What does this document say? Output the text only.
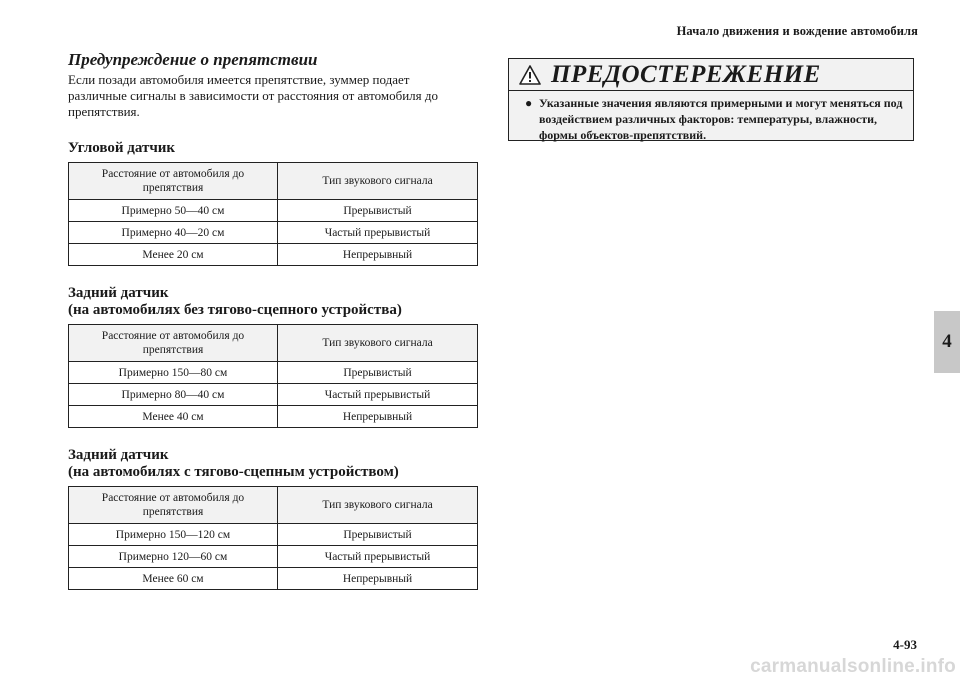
Начало движения и вождение автомобиля
4
Предупреждение о препятствии

Если позади автомобиля имеется препятствие, зуммер подает различные сигналы в зависимости от расстояния от автомобиля до препятствия.

Угловой датчик
Расстояние от автомобиля до препятствия	Тип звукового сигнала
Примерно 50—40 см	Прерывистый
Примерно 40—20 см	Частый прерывистый
Менее 20 см	Непрерывный
Задний датчик
(на автомобилях без тягово-сцепного устройства)
Расстояние от автомобиля до препятствия	Тип звукового сигнала
Примерно 150—80 см	Прерывистый
Примерно 80—40 см	Частый прерывистый
Менее 40 см	Непрерывный
Задний датчик
(на автомобилях с тягово-сцепным устройством)
Расстояние от автомобиля до препятствия	Тип звукового сигнала
Примерно 150—120 см	Прерывистый
Примерно 120—60 см	Частый прерывистый
Менее 60 см	Непрерывный
ПРЕДОСТЕРЕЖЕНИЕ
● Указанные значения являются примерными и могут меняться под воздействием различных факторов: температуры, влажности, формы объектов-препятствий.
4-93
carmanualsonline.info
